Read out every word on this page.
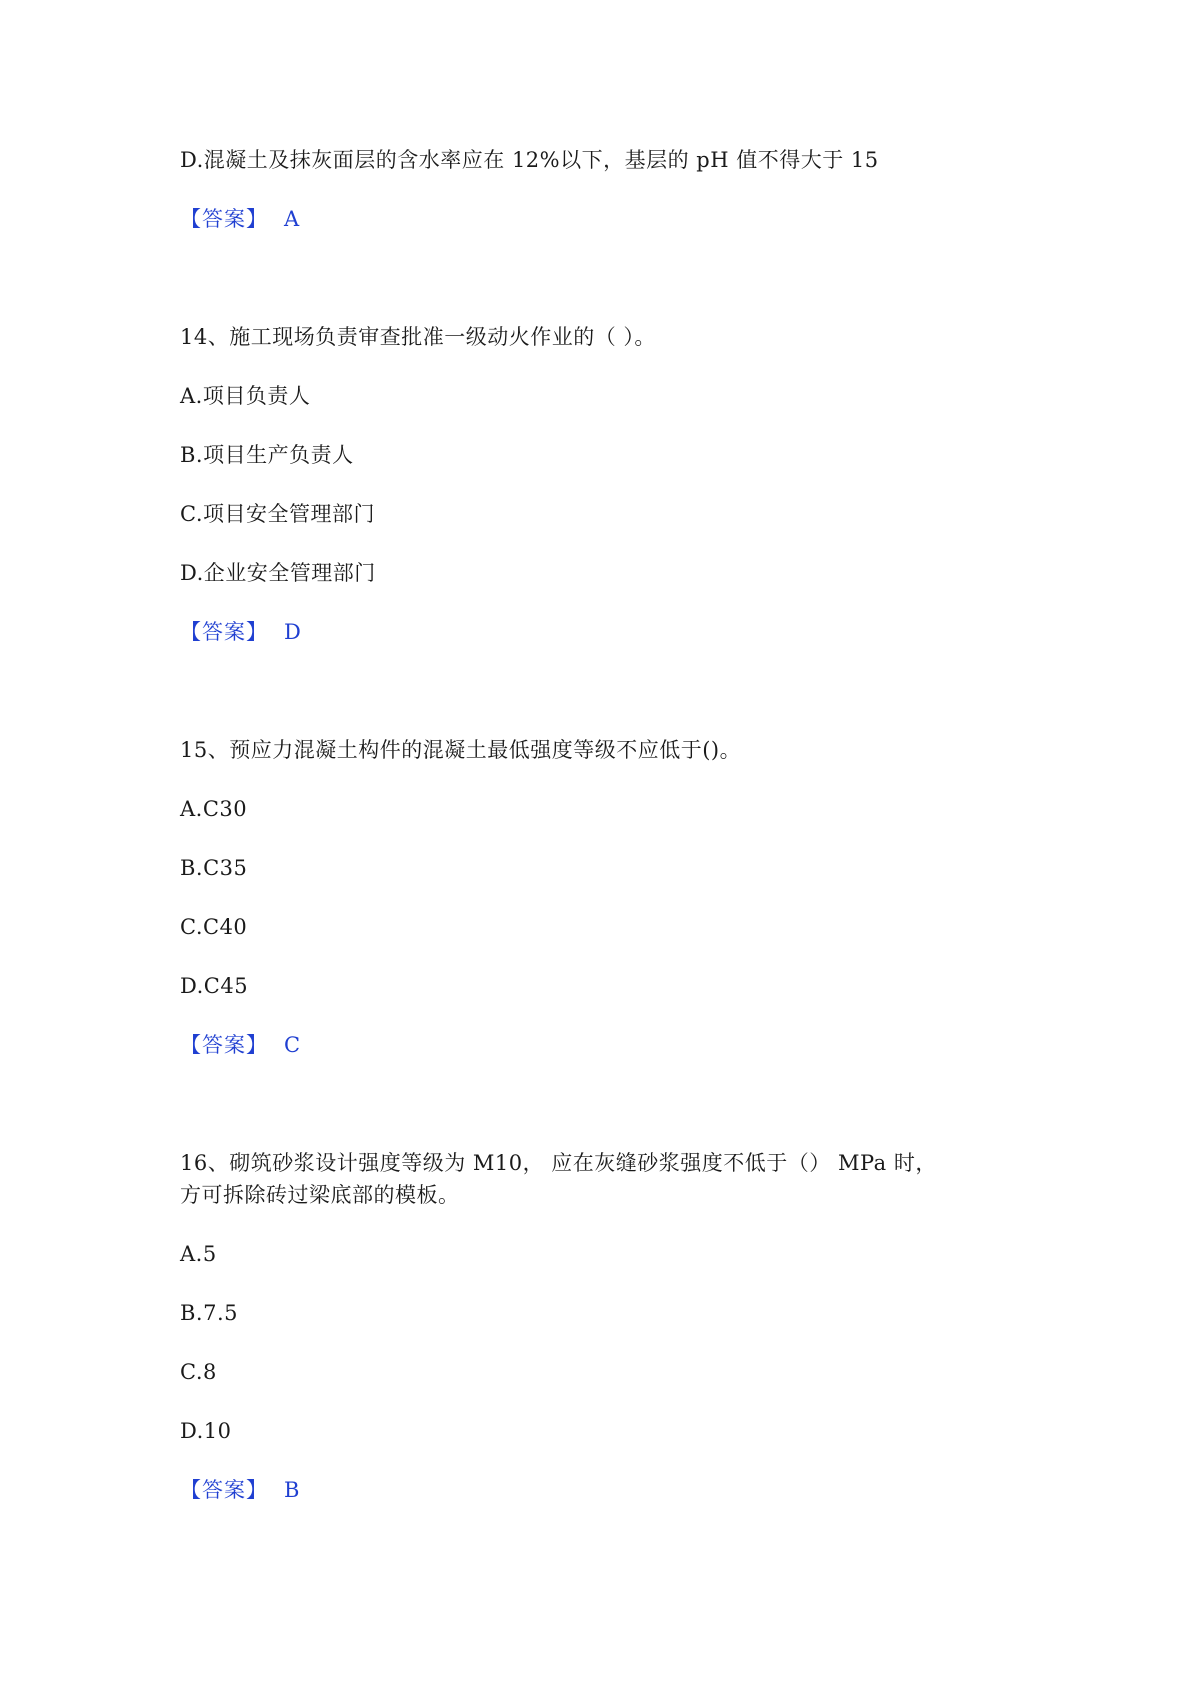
D.混凝土及抹灰面层的含水率应在 12%以下，基层的 pH 值不得大于 15
【答案】 A
14、施工现场负责审查批准一级动火作业的（ ）。
A.项目负责人
B.项目生产负责人
C.项目安全管理部门
D.企业安全管理部门
【答案】 D
15、预应力混凝土构件的混凝土最低强度等级不应低于()。
A.C30
B.C35
C.C40
D.C45
【答案】 C
16、砌筑砂浆设计强度等级为 M10， 应在灰缝砂浆强度不低于（） MPa 时，
方可拆除砖过梁底部的模板。
A.5
B.7.5
C.8
D.10
【答案】 B
